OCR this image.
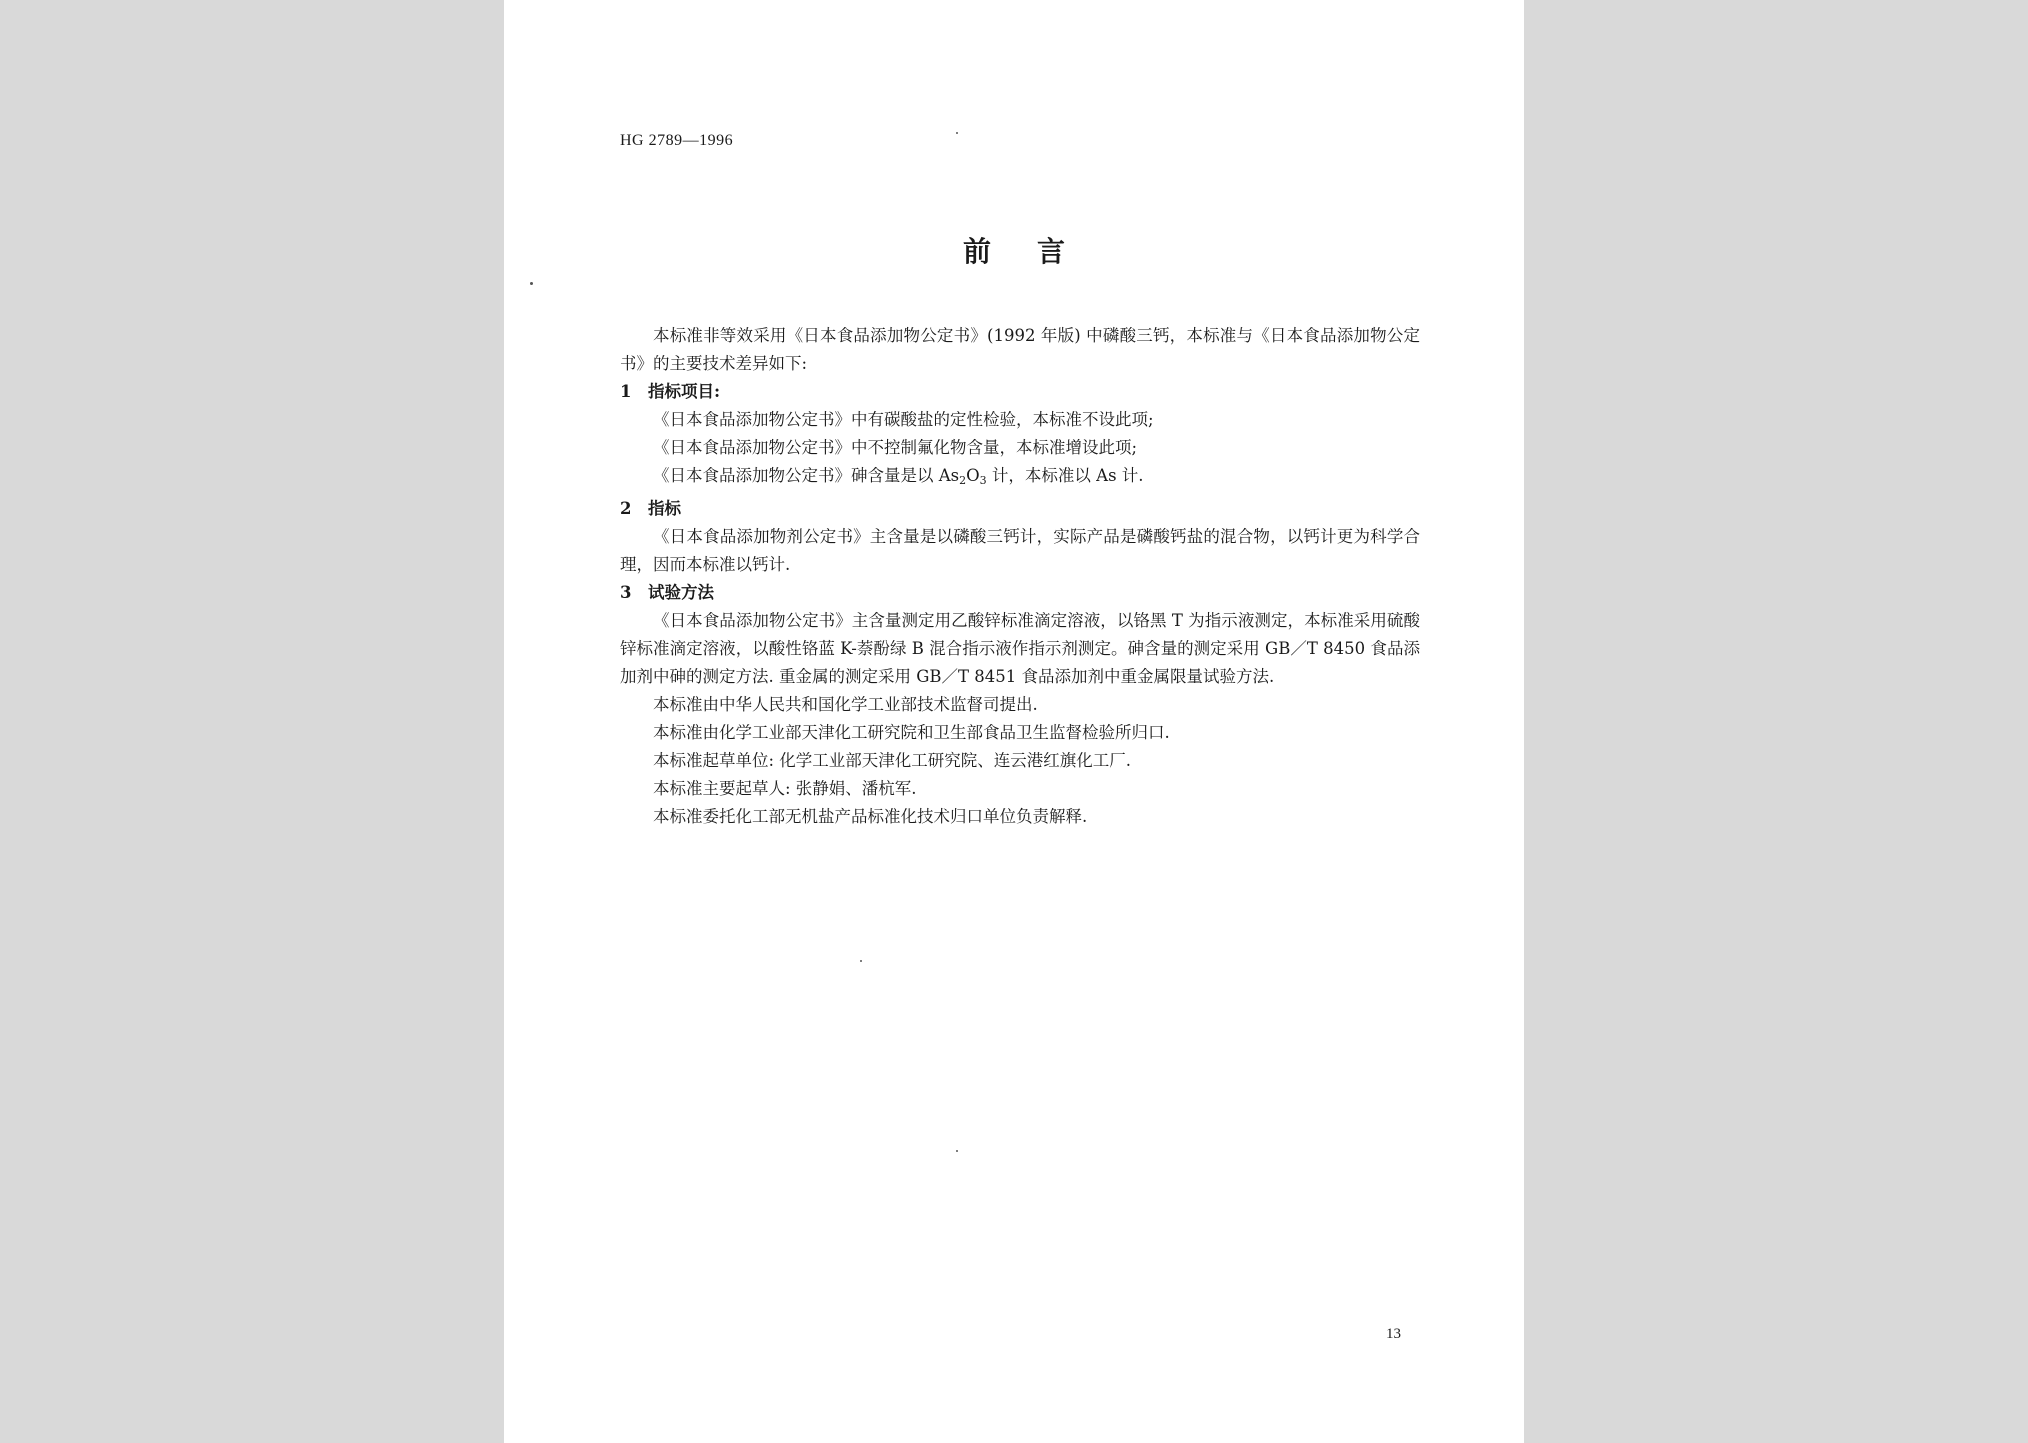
HG 2789—1996
前言

本标准非等效采用《日本食品添加物公定书》(1992 年版) 中磷酸三钙，本标准与《日本食品添加物公定书》的主要技术差异如下:

1 指标项目:

《日本食品添加物公定书》中有碳酸盐的定性检验，本标准不设此项;

《日本食品添加物公定书》中不控制氟化物含量，本标准增设此项;

《日本食品添加物公定书》砷含量是以 $As_2O_3$ 计，本标准以 As 计.

2 指标

《日本食品添加物剂公定书》主含量是以磷酸三钙计，实际产品是磷酸钙盐的混合物，以钙计更为科学合理，因而本标准以钙计.

3 试验方法

《日本食品添加物公定书》主含量测定用乙酸锌标准滴定溶液，以铬黑 T 为指示液测定，本标准采用硫酸锌标准滴定溶液，以酸性铬蓝 K-萘酚绿 B 混合指示液作指示剂测定。砷含量的测定采用 GB／T 8450 食品添加剂中砷的测定方法. 重金属的测定采用 GB／T 8451 食品添加剂中重金属限量试验方法.

本标准由中华人民共和国化学工业部技术监督司提出.

本标准由化学工业部天津化工研究院和卫生部食品卫生监督检验所归口.

本标准起草单位: 化学工业部天津化工研究院、连云港红旗化工厂.

本标准主要起草人: 张静娟、潘杭军.

本标准委托化工部无机盐产品标准化技术归口单位负责解释.

13
